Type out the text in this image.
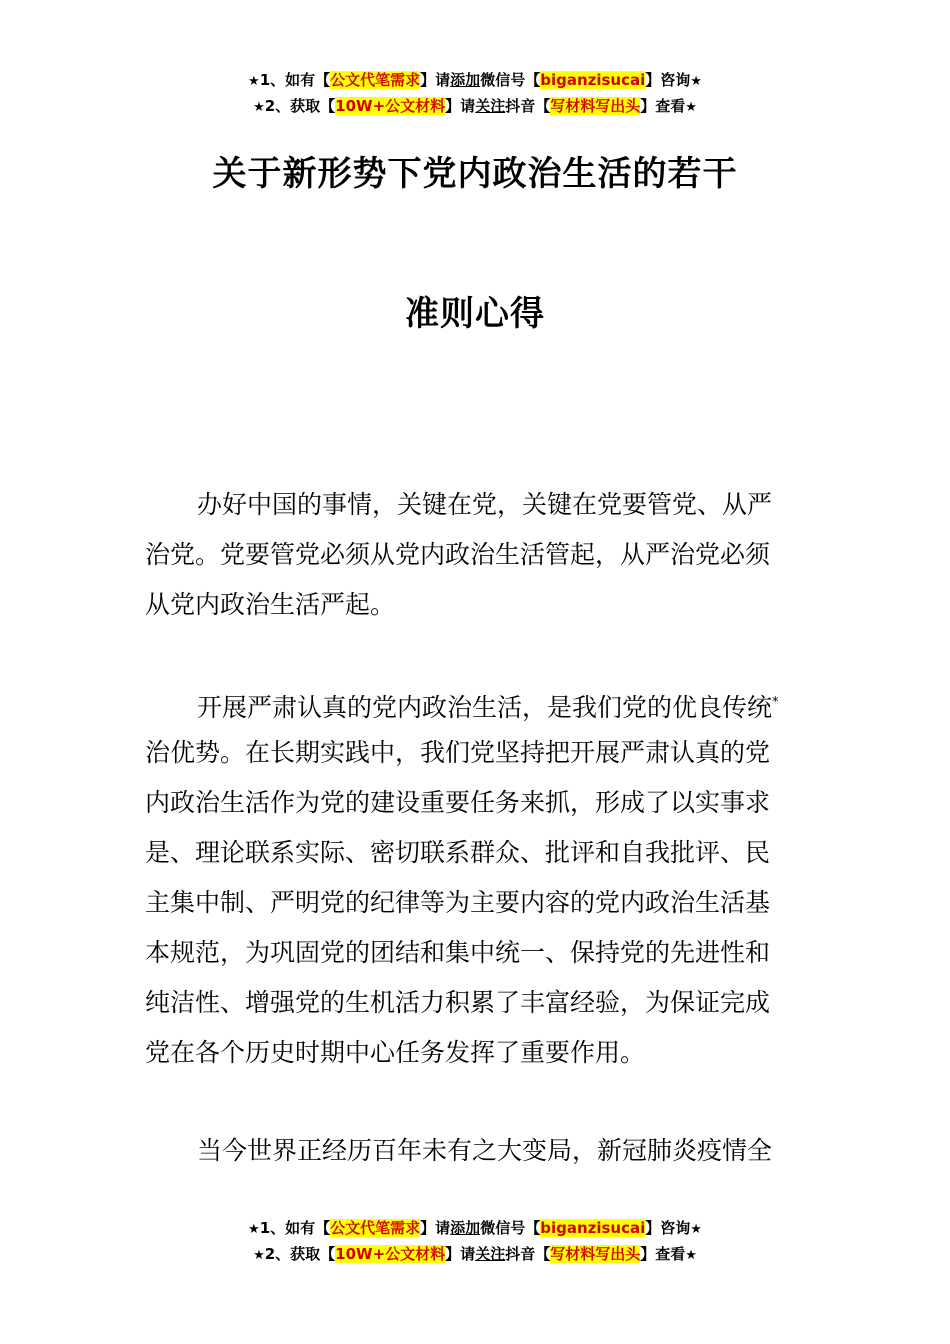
★1、如有【公文代笔需求】请添加微信号【biganzisucai】咨询★
★2、获取【10W+公文材料】请关注抖音【写材料写出头】查看★
关于新形势下党内政治生活的若干
准则心得
办好中国的事情，关键在党，关键在党要管党、从严
治党。党要管党必须从党内政治生活管起，从严治党必须
从党内政治生活严起。
开展严肃认真的党内政治生活，是我们党的优良传统*
治优势。在长期实践中，我们党坚持把开展严肃认真的党
内政治生活作为党的建设重要任务来抓，形成了以实事求
是、理论联系实际、密切联系群众、批评和自我批评、民
主集中制、严明党的纪律等为主要内容的党内政治生活基
本规范，为巩固党的团结和集中统一、保持党的先进性和
纯洁性、增强党的生机活力积累了丰富经验，为保证完成
党在各个历史时期中心任务发挥了重要作用。
当今世界正经历百年未有之大变局，新冠肺炎疫情全
★1、如有【公文代笔需求】请添加微信号【biganzisucai】咨询★
★2、获取【10W+公文材料】请关注抖音【写材料写出头】查看★
